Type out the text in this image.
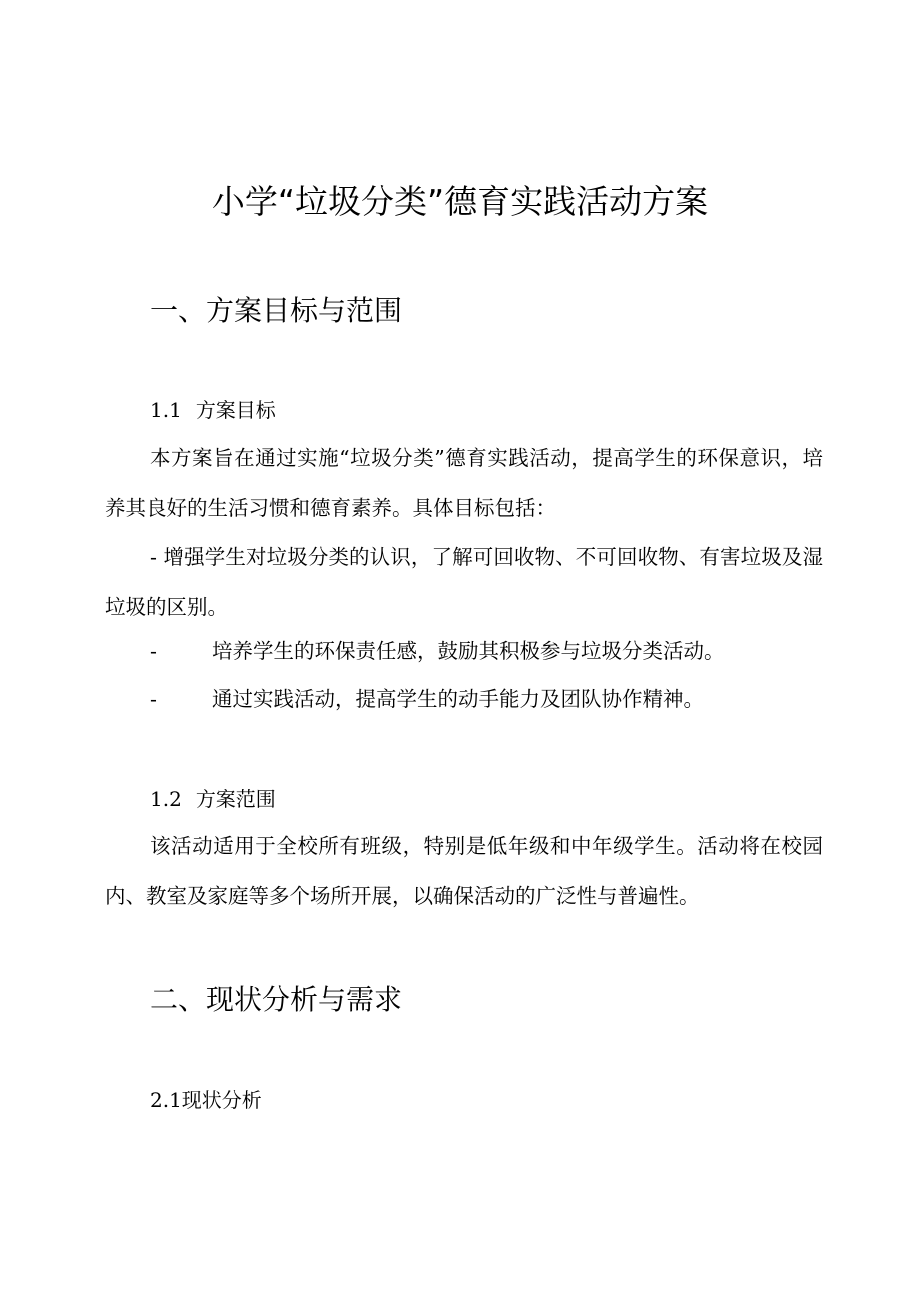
小学“垃圾分类”德育实践活动方案
一、方案目标与范围
1.1 方案目标

本方案旨在通过实施“垃圾分类”德育实践活动，提高学生的环保意识，培养其良好的生活习惯和德育素养。具体目标包括：

- 增强学生对垃圾分类的认识，了解可回收物、不可回收物、有害垃圾及湿垃圾的区别。

-	培养学生的环保责任感，鼓励其积极参与垃圾分类活动。
-	通过实践活动，提高学生的动手能力及团队协作精神。
1.2 方案范围

该活动适用于全校所有班级，特别是低年级和中年级学生。活动将在校园内、教室及家庭等多个场所开展，以确保活动的广泛性与普遍性。

二、现状分析与需求
2.1现状分析
